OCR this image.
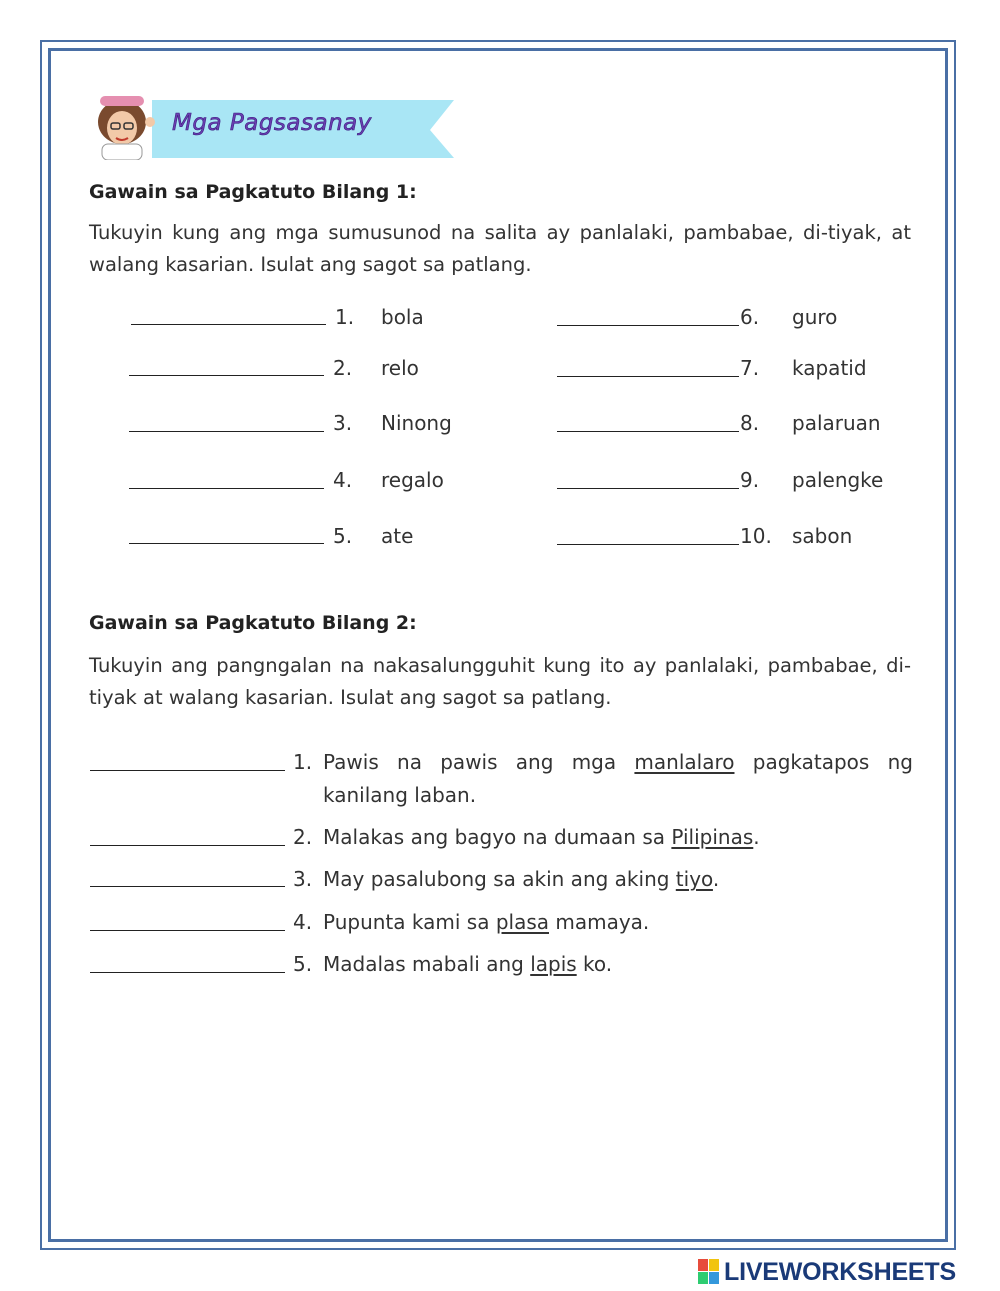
Mga Pagsasanay
Gawain sa Pagkatuto Bilang 1:
Tukuyin kung ang mga sumusunod na salita ay panlalaki, pambabae, di-tiyak, at walang kasarian. Isulat ang sagot sa patlang.
1. bola
2. relo
3. Ninong
4. regalo
5. ate
6. guro
7. kapatid
8. palaruan
9. palengke
10. sabon
Gawain sa Pagkatuto Bilang 2:
Tukuyin ang pangngalan na nakasalungguhit kung ito ay panlalaki, pambabae, di-tiyak at walang kasarian. Isulat ang sagot sa patlang.
1. Pawis na pawis ang mga manlalaro pagkatapos ng kanilang laban.
2. Malakas ang bagyo na dumaan sa Pilipinas.
3. May pasalubong sa akin ang aking tiyo.
4. Pupunta kami sa plasa mamaya.
5. Madalas mabali ang lapis ko.
LIVEWORKSHEETS
